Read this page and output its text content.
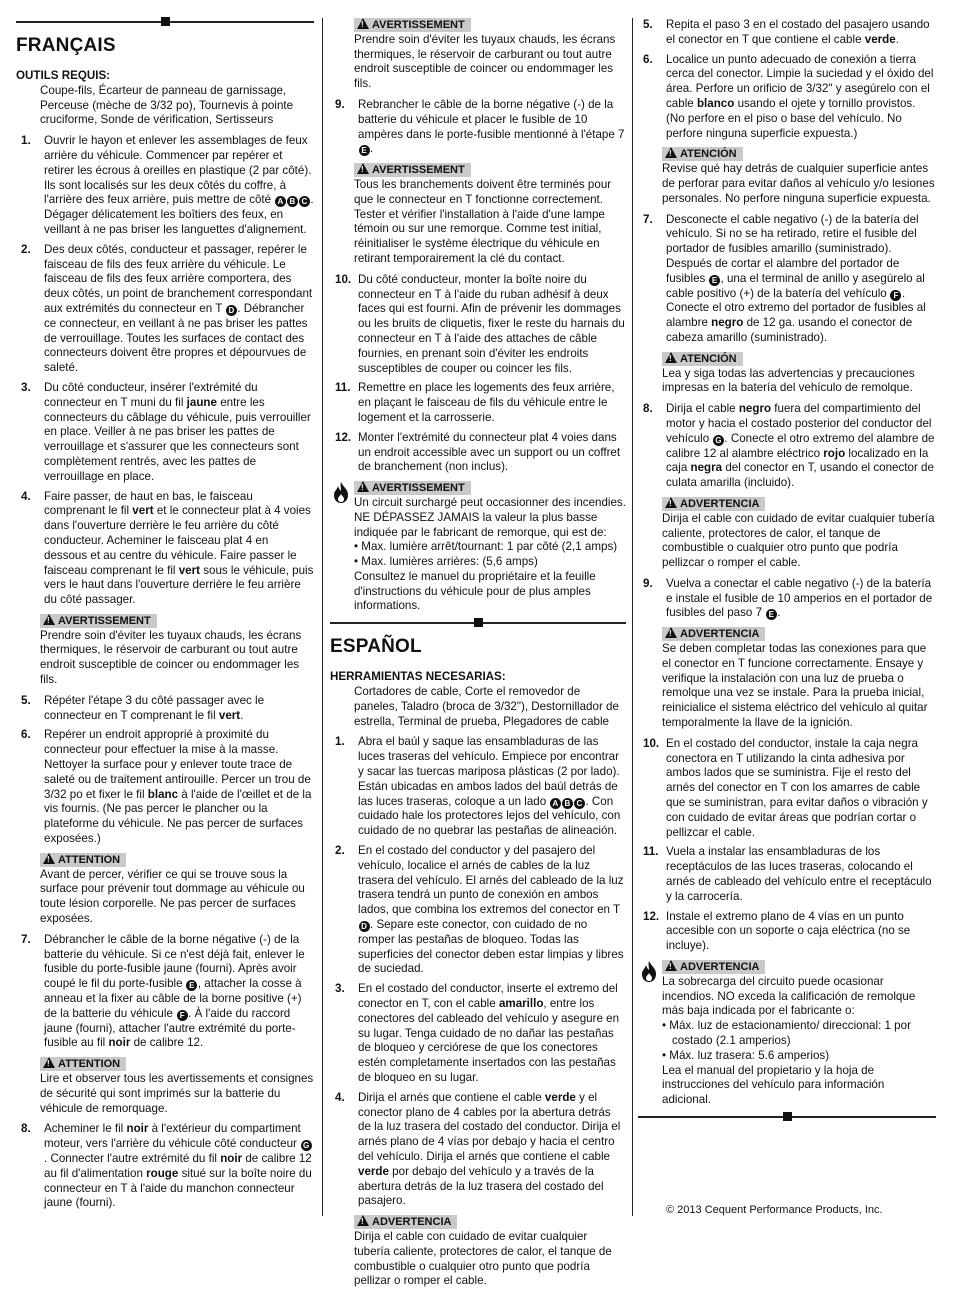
FRANÇAIS

OUTILS REQUIS:

Coupe-fils, Écarteur de panneau de garnissage, Perceuse (mèche de 3/32 po), Tournevis à pointe cruciforme, Sonde de vérification, Sertisseurs

1. Ouvrir le hayon et enlever les assemblages de feux arrière du véhicule. Commencer par repérer et retirer les écrous à oreilles en plastique (2 par côté). Ils sont localisés sur les deux côtés du coffre, à l'arrière des feux arrière, puis mettre de côté A B C . Dégager délicatement les boîtiers des feux, en veillant à ne pas briser les languettes d'alignement.
2. Des deux côtés, conducteur et passager, repérer le faisceau de fils des feux arrière du véhicule. Le faisceau de fils des feux arrière comportera, des deux côtés, un point de branchement correspondant aux extrémités du connecteur en T D . Débrancher ce connecteur, en veillant à ne pas briser les pattes de verrouillage. Toutes les surfaces de contact des connecteurs doivent être propres et dépourvues de saleté.
3. Du côté conducteur, insérer l'extrémité du connecteur en T muni du fil jaune entre les connecteurs du câblage du véhicule, puis verrouiller en place. Veiller à ne pas briser les pattes de verrouillage et s'assurer que les connecteurs sont complètement rentrés, avec les pattes de verrouillage en place.
4. Faire passer, de haut en bas, le faisceau comprenant le fil vert et le connecteur plat à 4 voies dans l'ouverture derrière le feu arrière du côté conducteur. Acheminer le faisceau plat 4 en dessous et au centre du véhicule. Faire passer le faisceau comprenant le fil vert sous le véhicule, puis vers le haut dans l'ouverture derrière le feu arrière du côté passager.
!AVERTISSEMENT

Prendre soin d'éviter les tuyaux chauds, les écrans thermiques, le réservoir de carburant ou tout autre endroit susceptible de coincer ou endommager les fils.

5. Répéter l'étape 3 du côté passager avec le connecteur en T comprenant le fil vert.
6. Repérer un endroit approprié à proximité du connecteur pour effectuer la mise à la masse. Nettoyer la surface pour y enlever toute trace de saleté ou de traitement antirouille. Percer un trou de 3/32 po et fixer le fil blanc à l'aide de l'œillet et de la vis fournis. (Ne pas percer le plancher ou la plateforme du véhicule. Ne pas percer de surfaces exposées.)
!ATTENTION

Avant de percer, vérifier ce qui se trouve sous la surface pour prévenir tout dommage au véhicule ou toute lésion corporelle. Ne pas percer de surfaces exposées.

7. Débrancher le câble de la borne négative (-) de la batterie du véhicule. Si ce n'est déjà fait, enlever le fusible du porte-fusible jaune (fourni). Après avoir coupé le fil du porte-fusible E , attacher la cosse à anneau et la fixer au câble de la borne positive (+) de la batterie du véhicule F . À l'aide du raccord jaune (fourni), attacher l'autre extrémité du porte-fusible au fil noir de calibre 12.
!ATTENTION

Lire et observer tous les avertissements et consignes de sécurité qui sont imprimés sur la batterie du véhicule de remorquage.

8. Acheminer le fil noir à l'extérieur du compartiment moteur, vers l'arrière du véhicule côté conducteur G. Connecter l'autre extrémité du fil noir de calibre 12 au fil d'alimentation rouge situé sur la boîte noire du connecteur en T à l'aide du manchon connecteur jaune (fourni).
!AVERTISSEMENT

Prendre soin d'éviter les tuyaux chauds, les écrans thermiques, le réservoir de carburant ou tout autre endroit susceptible de coincer ou endommager les fils.

9. Rebrancher le câble de la borne négative (-) de la batterie du véhicule et placer le fusible de 10 ampères dans le porte-fusible mentionné à l'étape 7 E .
!AVERTISSEMENT

Tous les branchements doivent être terminés pour que le connecteur en T fonctionne correctement. Tester et vérifier l'installation à l'aide d'une lampe témoin ou sur une remorque. Comme test initial, réinitialiser le système électrique du véhicule en retirant temporairement la clé du contact.

10. Du côté conducteur, monter la boîte noire du connecteur en T à l'aide du ruban adhésif à deux faces qui est fourni. Afin de prévenir les dommages ou les bruits de cliquetis, fixer le reste du harnais du connecteur en T à l'aide des attaches de câble fournies, en prenant soin d'éviter les endroits susceptibles de couper ou coincer les fils.
11. Remettre en place les logements des feux arrière, en plaçant le faisceau de fils du véhicule entre le logement et la carrosserie.
12. Monter l'extrémité du connecteur plat 4 voies dans un endroit accessible avec un support ou un coffret de branchement (non inclus).
!AVERTISSEMENT

Un circuit surchargé peut occasionner des incendies. NE DÉPASSEZ JAMAIS la valeur la plus basse indiquée par le fabricant de remorque, qui est de:

• Max. lumière arrêt/tournant: 1 par côté (2,1 amps)

• Max. lumières arrières: (5,6 amps)

Consultez le manuel du propriétaire et la feuille d'instructions du véhicule pour de plus amples informations.

ESPAÑOL

HERRAMIENTAS NECESARIAS:

Cortadores de cable, Corte el removedor de paneles, Taladro (broca de 3/32"), Destornillador de estrella, Terminal de prueba, Plegadores de cable

1. Abra el baúl y saque las ensambladuras de las luces traseras del vehículo. Empiece por encontrar y sacar las tuercas mariposa plásticas (2 por lado). Están ubicadas en ambos lados del baúl detrás de las luces traseras, coloque a un lado A B C . Con cuidado hale los protectores lejos del vehículo, con cuidado de no quebrar las pestañas de alineación.
2. En el costado del conductor y del pasajero del vehículo, localice el arnés de cables de la luz trasera del vehículo. El arnés del cableado de la luz trasera tendrá un punto de conexión en ambos lados, que combina los extremos del conector en T D . Separe este conector, con cuidado de no romper las pestañas de bloqueo. Todas las superficies del conector deben estar limpias y libres de suciedad.
3. En el costado del conductor, inserte el extremo del conector en T, con el cable amarillo, entre los conectores del cableado del vehículo y asegure en su lugar. Tenga cuidado de no dañar las pestañas de bloqueo y cerciórese de que los conectores estén completamente insertados con las pestañas de bloqueo en su lugar.
4. Dirija el arnés que contiene el cable verde y el conector plano de 4 cables por la abertura detrás de la luz trasera del costado del conductor. Dirija el arnés plano de 4 vías por debajo y hacia el centro del vehículo. Dirija el arnés que contiene el cable verde por debajo del vehículo y a través de la abertura detrás de la luz trasera del costado del pasajero.
!ADVERTENCIA

Dirija el cable con cuidado de evitar cualquier tubería caliente, protectores de calor, el tanque de combustible o cualquier otro punto que podría pellizar o romper el cable.

5. Repita el paso 3 en el costado del pasajero usando el conector en T que contiene el cable verde.
6. Localice un punto adecuado de conexión a tierra cerca del conector. Limpie la suciedad y el óxido del área. Perfore un orificio de 3/32" y asegúrelo con el cable blanco usando el ojete y tornillo provistos. (No perfore en el piso o base del vehículo. No perfore ninguna superficie expuesta.)
!ATENCIÓN

Revise qué hay detrás de cualquier superficie antes de perforar para evitar daños al vehículo y/o lesiones personales. No perfore ninguna superficie expuesta.

7. Desconecte el cable negativo (-) de la batería del vehículo. Si no se ha retirado, retire el fusible del portador de fusibles amarillo (suministrado). Después de cortar el alambre del portador de fusibles E , una el terminal de anillo y asegúrelo al cable positivo (+) de la batería del vehículo F . Conecte el otro extremo del portador de fusibles al alambre negro de 12 ga. usando el conector de cabeza amarillo (suministrado).
!ATENCIÓN

Lea y siga todas las advertencias y precauciones impresas en la batería del vehículo de remolque.

8. Dirija el cable negro fuera del compartimiento del motor y hacia el costado posterior del conductor del vehículo G . Conecte el otro extremo del alambre de calibre 12 al alambre eléctrico rojo localizado en la caja negra del conector en T, usando el conector de culata amarilla (incluido).
!ADVERTENCIA

Dirija el cable con cuidado de evitar cualquier tubería caliente, protectores de calor, el tanque de combustible o cualquier otro punto que podría pellizcar o romper el cable.

9. Vuelva a conectar el cable negativo (-) de la batería e instale el fusible de 10 amperios en el portador de fusibles del paso 7 E .
!ADVERTENCIA

Se deben completar todas las conexiones para que el conector en T funcione correctamente. Ensaye y verifique la instalación con una luz de prueba o remolque una vez se instale. Para la prueba inicial, reinicialice el sistema eléctrico del vehículo al quitar temporalmente la llave de la ignición.

10. En el costado del conductor, instale la caja negra conectora en T utilizando la cinta adhesiva por ambos lados que se suministra. Fije el resto del arnés del conector en T con los amarres de cable que se suministran, para evitar daños o vibración y con cuidado de evitar áreas que podrían cortar o pellizcar el cable.
11. Vuela a instalar las ensambladuras de los receptáculos de las luces traseras, colocando el arnés de cableado del vehículo entre el receptáculo y la carrocería.
12. Instale el extremo plano de 4 vías en un punto accesible con un soporte o caja eléctrica (no se incluye).
!ADVERTENCIA

La sobrecarga del circuito puede ocasionar incendios. NO exceda la calificación de remolque más baja indicada por el fabricante o:

• Máx. luz de estacionamiento/ direccional: 1 por costado (2.1 amperios)

• Máx. luz trasera: 5.6 amperios)

Lea el manual del propietario y la hoja de instrucciones del vehículo para información adicional.

© 2013 Cequent Performance Products, Inc.
